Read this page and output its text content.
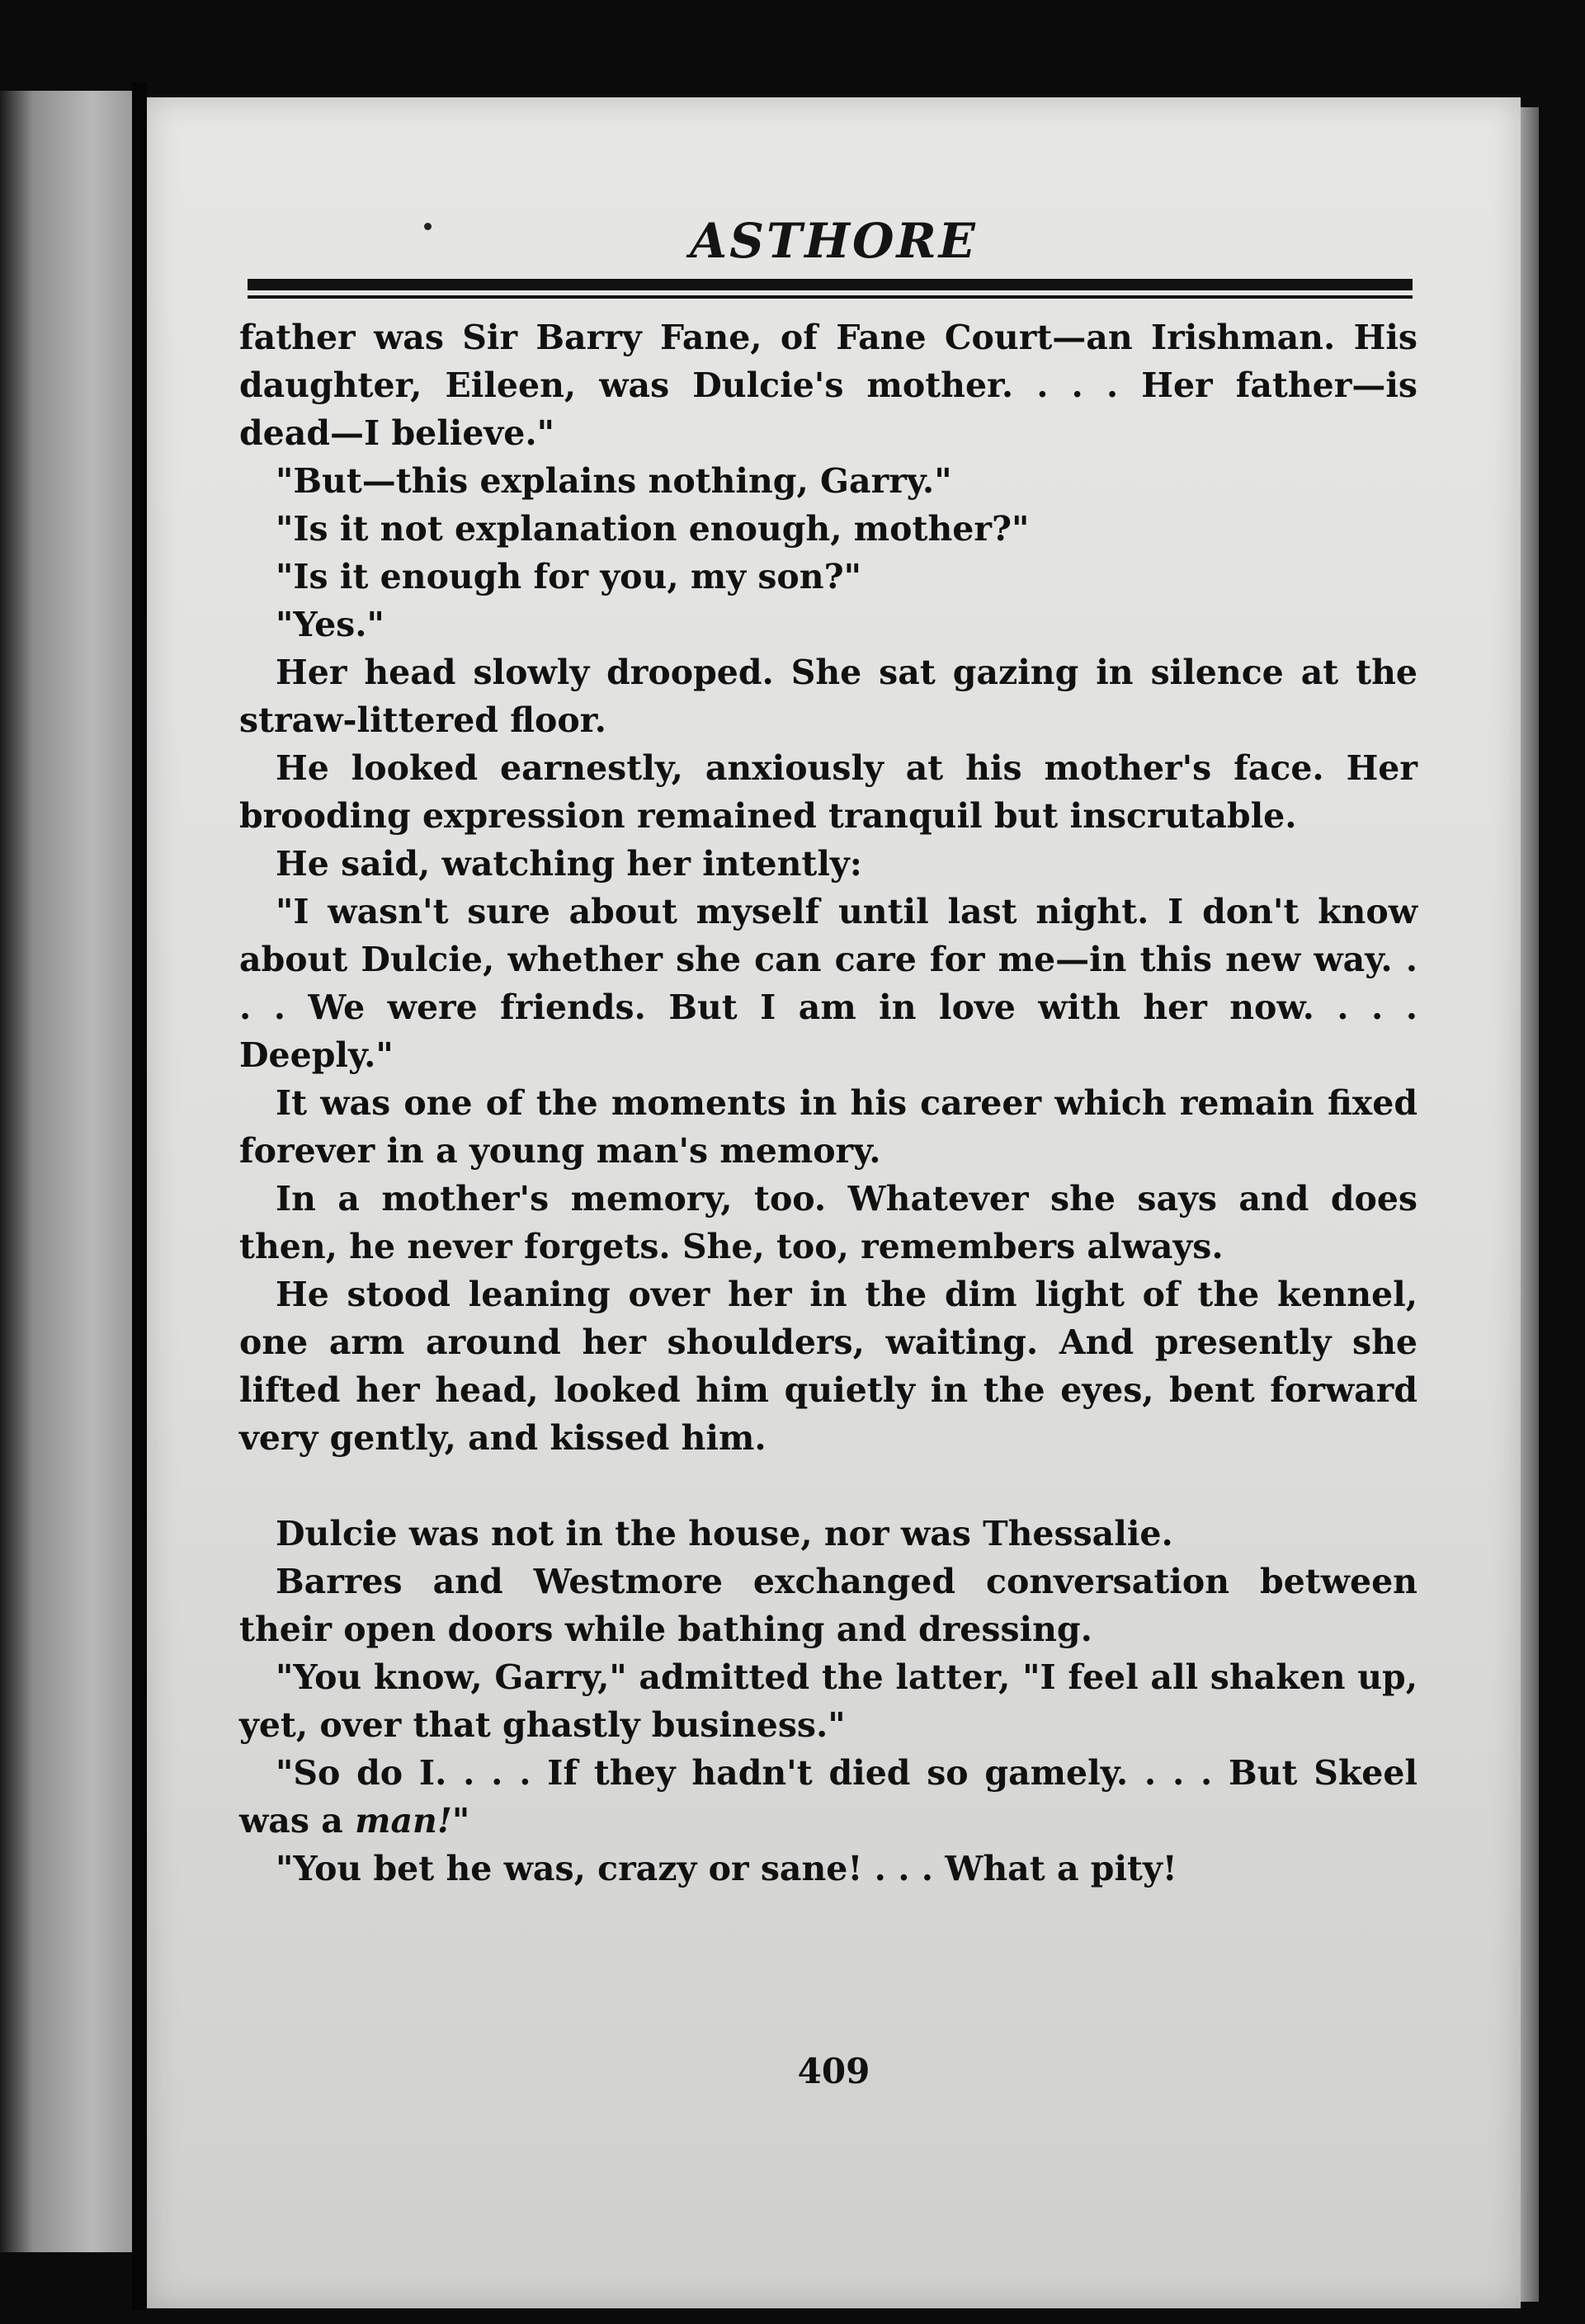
ASTHORE

father was Sir Barry Fane, of Fane Court—an Irishman. His daughter, Eileen, was Dulcie's mother. . . . Her father—is dead—I believe."

"But—this explains nothing, Garry."

"Is it not explanation enough, mother?"

"Is it enough for you, my son?"

"Yes."

Her head slowly drooped. She sat gazing in silence at the straw-littered floor.

He looked earnestly, anxiously at his mother's face. Her brooding expression remained tranquil but inscrutable.

He said, watching her intently:

"I wasn't sure about myself until last night. I don't know about Dulcie, whether she can care for me—in this new way. . . . We were friends. But I am in love with her now. . . . Deeply."

It was one of the moments in his career which remain fixed forever in a young man's memory.

In a mother's memory, too. Whatever she says and does then, he never forgets. She, too, remembers always.

He stood leaning over her in the dim light of the kennel, one arm around her shoulders, waiting. And presently she lifted her head, looked him quietly in the eyes, bent forward very gently, and kissed him.

Dulcie was not in the house, nor was Thessalie.

Barres and Westmore exchanged conversation between their open doors while bathing and dressing.

"You know, Garry," admitted the latter, "I feel all shaken up, yet, over that ghastly business."

"So do I. . . . If they hadn't died so gamely. . . . But Skeel was a man!"

"You bet he was, crazy or sane! . . . What a pity!

409
